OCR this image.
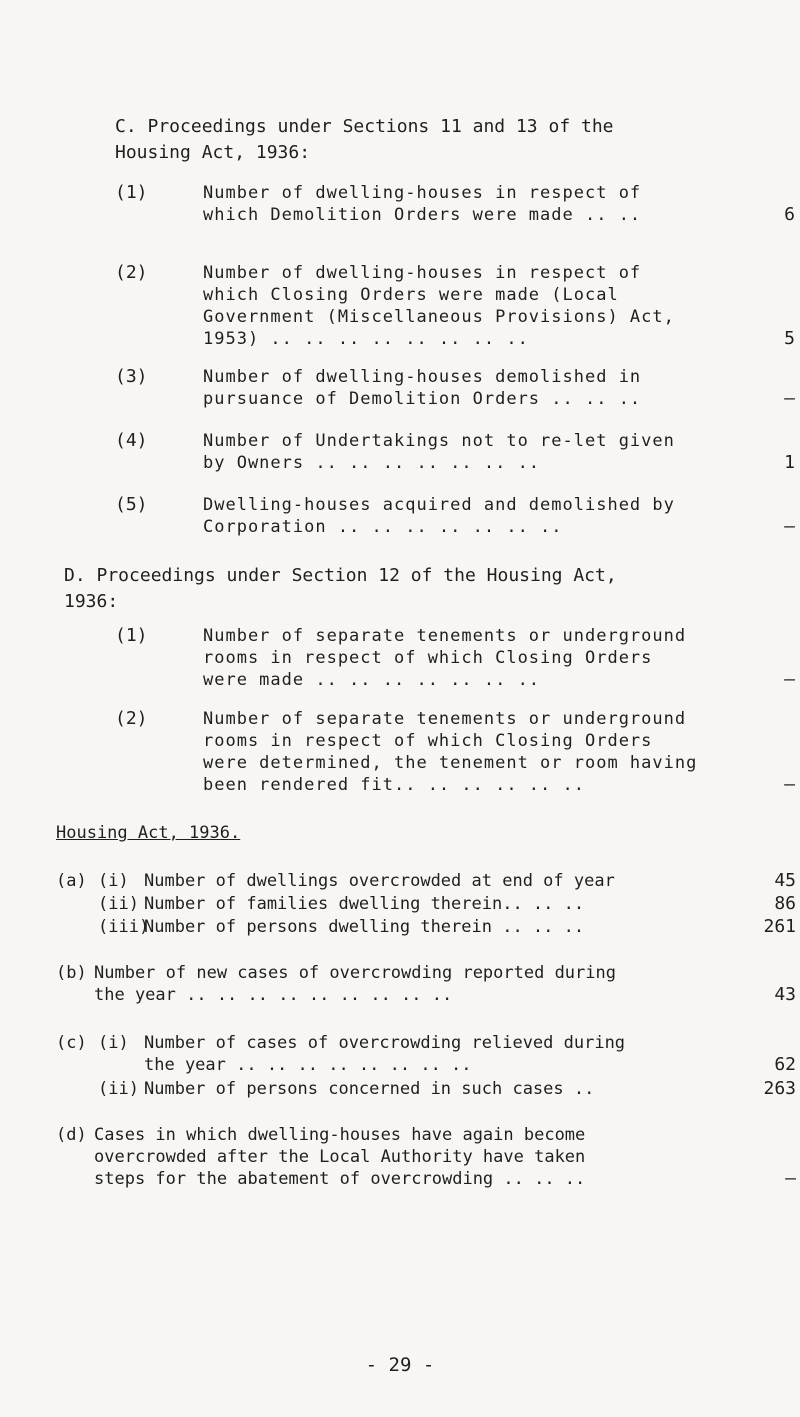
C. Proceedings under Sections 11 and 13 of the
Housing Act, 1936:
(1)	Number of dwelling-houses in respect of
which Demolition Orders were made .. ..	6
(2)	Number of dwelling-houses in respect of
which Closing Orders were made (Local
Government (Miscellaneous Provisions) Act,
1953) .. .. .. .. .. .. .. ..	5
(3)	Number of dwelling-houses demolished in
pursuance of Demolition Orders .. .. ..	–
(4)	Number of Undertakings not to re-let given
by Owners .. .. .. .. .. .. ..	1
(5)	Dwelling-houses acquired and demolished by
Corporation .. .. .. .. .. .. ..	–
D. Proceedings under Section 12 of the Housing Act,
1936:
(1)	Number of separate tenements or underground
rooms in respect of which Closing Orders
were made .. .. .. .. .. .. ..	–
(2)	Number of separate tenements or underground
rooms in respect of which Closing Orders
were determined, the tenement or room having
been rendered fit.. .. .. .. .. ..	–
Housing Act, 1936.
(a) (i) Number of dwellings overcrowded at end of year	45
(ii) Number of families dwelling therein.. .. ..	86
(iii)
Number of persons dwelling therein .. .. ..	261
(b) Number of new cases of overcrowding reported during
the year .. .. .. .. .. .. .. .. ..	43
(c) (i) Number of cases of overcrowding relieved during
the year .. .. .. .. .. .. .. ..	62
(ii) Number of persons concerned in such cases ..	263
(d) Cases in which dwelling-houses have again become
overcrowded after the Local Authority have taken
steps for the abatement of overcrowding .. .. ..	–
- 29 -
